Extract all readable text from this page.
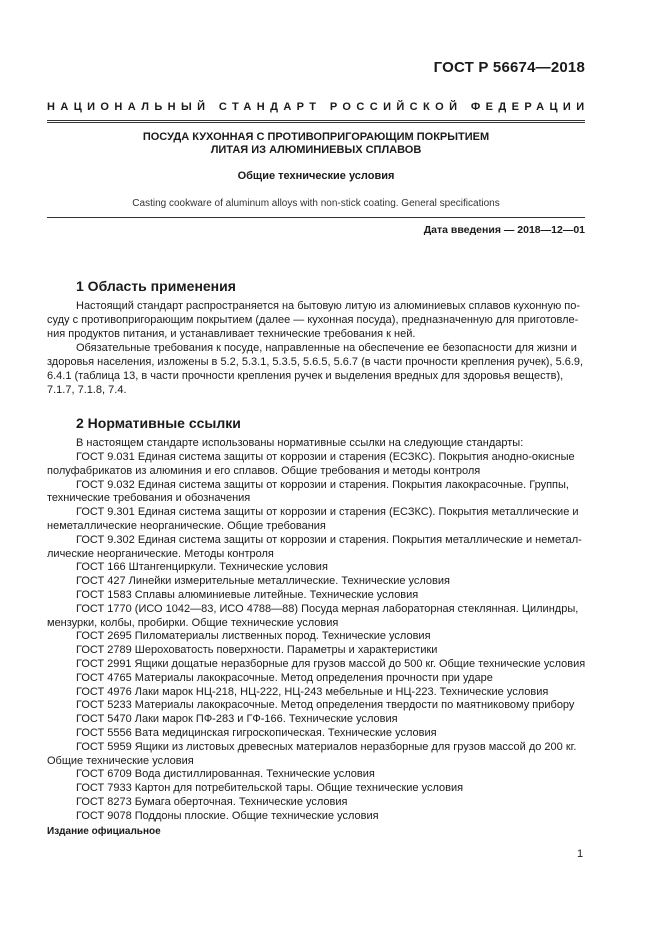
ГОСТ Р 56674—2018
НАЦИОНАЛЬНЫЙ СТАНДАРТ РОССИЙСКОЙ ФЕДЕРАЦИИ
ПОСУДА КУХОННАЯ С ПРОТИВОПРИГОРАЮЩИМ ПОКРЫТИЕМ
ЛИТАЯ ИЗ АЛЮМИНИЕВЫХ СПЛАВОВ
Общие технические условия
Casting cookware of aluminum alloys with non-stick coating. General specifications
Дата введения — 2018—12—01
1 Область применения
Настоящий стандарт распространяется на бытовую литую из алюминиевых сплавов кухонную по-
суду с противопригорающим покрытием (далее — кухонная посуда), предназначенную для приготовле-
ния продуктов питания, и устанавливает технические требования к ней.
Обязательные требования к посуде, направленные на обеспечение ее безопасности для жизни и
здоровья населения, изложены в 5.2, 5.3.1, 5.3.5, 5.6.5, 5.6.7 (в части прочности крепления ручек), 5.6.9,
6.4.1 (таблица 13, в части прочности крепления ручек и выделения вредных для здоровья веществ),
7.1.7, 7.1.8, 7.4.
2 Нормативные ссылки
В настоящем стандарте использованы нормативные ссылки на следующие стандарты:
ГОСТ 9.031 Единая система защиты от коррозии и старения (ЕСЗКС). Покрытия анодно-окисные
полуфабрикатов из алюминия и его сплавов. Общие требования и методы контроля
ГОСТ 9.032 Единая система защиты от коррозии и старения. Покрытия лакокрасочные. Группы,
технические требования и обозначения
ГОСТ 9.301 Единая система защиты от коррозии и старения (ЕСЗКС). Покрытия металлические и
неметаллические неорганические. Общие требования
ГОСТ 9.302 Единая система защиты от коррозии и старения. Покрытия металлические и неметал-
лические неорганические. Методы контроля
ГОСТ 166 Штангенциркули. Технические условия
ГОСТ 427 Линейки измерительные металлические. Технические условия
ГОСТ 1583 Сплавы алюминиевые литейные. Технические условия
ГОСТ 1770 (ИСО 1042—83, ИСО 4788—88) Посуда мерная лабораторная стеклянная. Цилиндры,
мензурки, колбы, пробирки. Общие технические условия
ГОСТ 2695 Пиломатериалы лиственных пород. Технические условия
ГОСТ 2789 Шероховатость поверхности. Параметры и характеристики
ГОСТ 2991 Ящики дощатые неразборные для грузов массой до 500 кг. Общие технические условия
ГОСТ 4765 Материалы лакокрасочные. Метод определения прочности при ударе
ГОСТ 4976 Лаки марок НЦ-218, НЦ-222, НЦ-243 мебельные и НЦ-223. Технические условия
ГОСТ 5233 Материалы лакокрасочные. Метод определения твердости по маятниковому прибору
ГОСТ 5470 Лаки марок ПФ-283 и ГФ-166. Технические условия
ГОСТ 5556 Вата медицинская гигроскопическая. Технические условия
ГОСТ 5959 Ящики из листовых древесных материалов неразборные для грузов массой до 200 кг.
Общие технические условия
ГОСТ 6709 Вода дистиллированная. Технические условия
ГОСТ 7933 Картон для потребительской тары. Общие технические условия
ГОСТ 8273 Бумага оберточная. Технические условия
ГОСТ 9078 Поддоны плоские. Общие технические условия
Издание официальное
1
